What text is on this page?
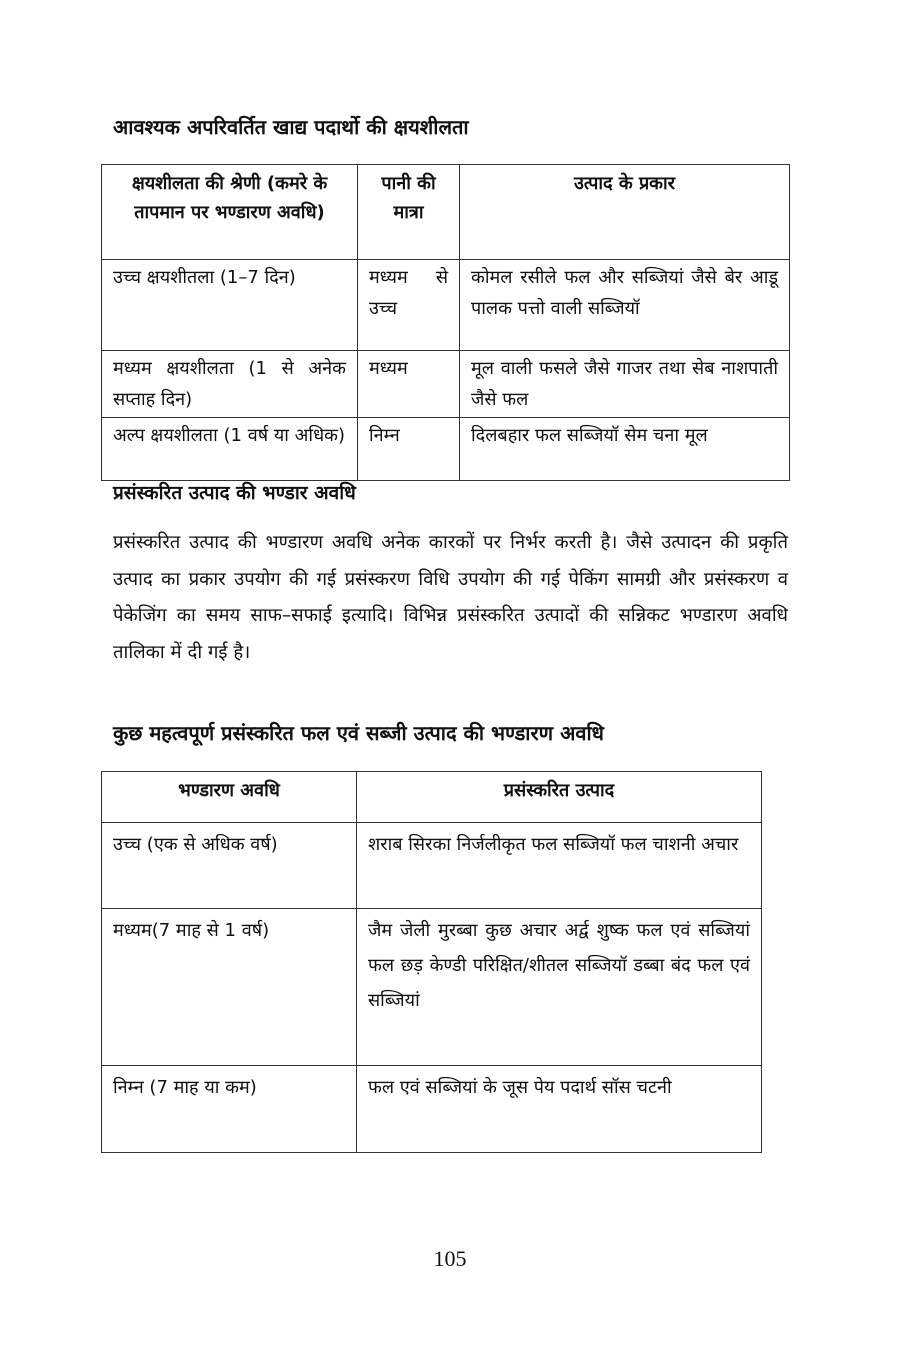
आवश्यक अपरिवर्तित खाद्य पदार्थो की क्षयशीलता
क्षयशीलता की श्रेणी (कमरे के तापमान पर भण्डारण अवधि)	पानी की मात्रा	उत्पाद के प्रकार
उच्च क्षयशीतला (1–7 दिन)	मध्यम से उच्च	कोमल रसीले फल और सब्जियां जैसे बेर आडू पालक पत्तो वाली सब्जियॉ
मध्यम क्षयशीलता (1 से अनेक सप्ताह दिन)	मध्यम	मूल वाली फसले जैसे गाजर तथा सेब नाशपाती जैसे फल
अल्प क्षयशीलता (1 वर्ष या अधिक)	निम्न	दिलबहार फल सब्जियॉ सेम चना मूल
प्रसंस्करित उत्पाद की भण्डार अवधि

प्रसंस्करित उत्पाद की भण्डारण अवधि अनेक कारकों पर निर्भर करती है। जैसे उत्पादन की प्रकृति उत्पाद का प्रकार उपयोग की गई प्रसंस्करण विधि उपयोग की गई पेकिंग सामग्री और प्रसंस्करण व पेकेजिंग का समय साफ–सफाई इत्यादि। विभिन्न प्रसंस्करित उत्पादों की सन्निकट भण्डारण अवधि तालिका में दी गई है।

कुछ महत्वपूर्ण प्रसंस्करित फल एवं सब्जी उत्पाद की भण्डारण अवधि
भण्डारण अवधि	प्रसंस्करित उत्पाद
उच्च (एक से अधिक वर्ष)	शराब सिरका निर्जलीकृत फल सब्जियॉ फल चाशनी अचार
मध्यम(7 माह से 1 वर्ष)	जैम जेली मुरब्बा कुछ अचार अर्द्व शुष्क फल एवं सब्जियां फल छड़ केण्डी परिक्षित/शीतल सब्जियॉ डब्बा बंद फल एवं सब्जियां
निम्न (7 माह या कम)	फल एवं सब्जियां के जूस पेय पदार्थ सॉस चटनी
105
